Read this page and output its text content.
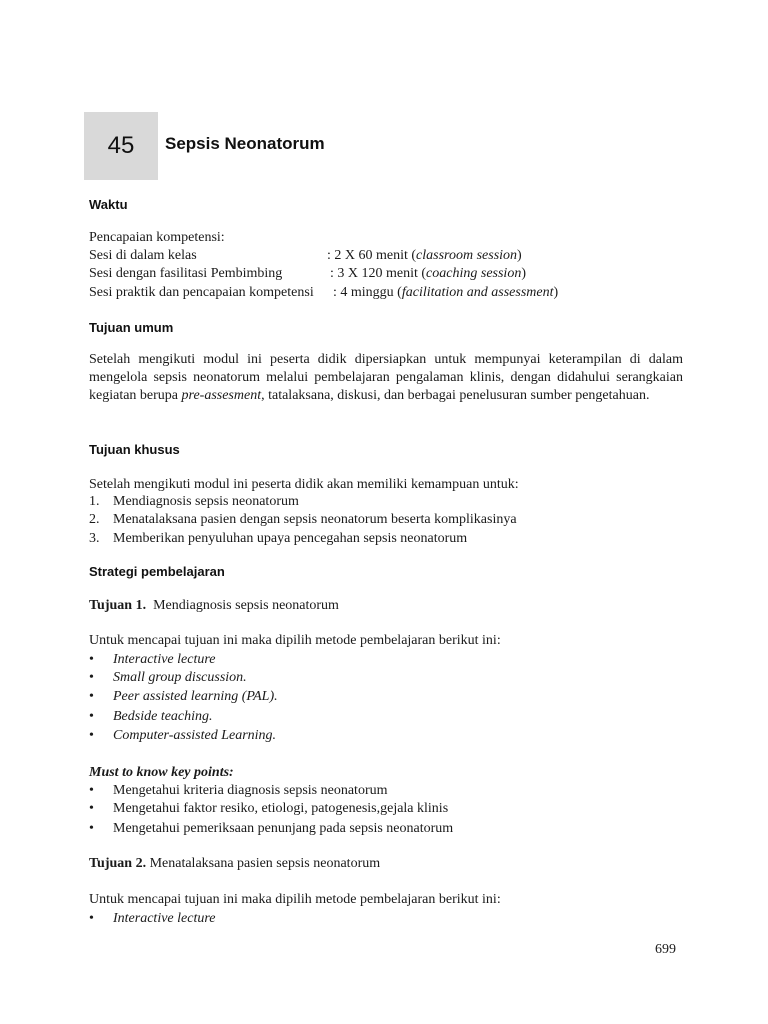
45 Sepsis Neonatorum
Waktu
Pencapaian kompetensi:
Sesi di dalam kelas	: 2 X 60 menit (classroom session)
Sesi dengan fasilitasi Pembimbing	: 3 X 120 menit (coaching session)
Sesi praktik dan pencapaian kompetensi : 4 minggu (facilitation and assessment)
Tujuan umum
Setelah mengikuti modul ini peserta didik dipersiapkan untuk mempunyai keterampilan di dalam mengelola sepsis neonatorum melalui pembelajaran pengalaman klinis, dengan didahului serangkaian kegiatan berupa pre-assesment, tatalaksana, diskusi, dan berbagai penelusuran sumber pengetahuan.
Tujuan khusus
Setelah mengikuti modul ini peserta didik akan memiliki kemampuan untuk:
1. Mendiagnosis sepsis neonatorum
2. Menatalaksana pasien dengan sepsis neonatorum beserta komplikasinya
3. Memberikan penyuluhan upaya pencegahan sepsis neonatorum
Strategi pembelajaran
Tujuan 1. Mendiagnosis sepsis neonatorum
Untuk mencapai tujuan ini maka dipilih metode pembelajaran berikut ini:
• Interactive lecture
• Small group discussion.
• Peer assisted learning (PAL).
• Bedside teaching.
• Computer-assisted Learning.
Must to know key points:
• Mengetahui kriteria diagnosis sepsis neonatorum
• Mengetahui faktor resiko, etiologi, patogenesis,gejala klinis
• Mengetahui pemeriksaan penunjang pada sepsis neonatorum
Tujuan 2. Menatalaksana pasien sepsis neonatorum
Untuk mencapai tujuan ini maka dipilih metode pembelajaran berikut ini:
• Interactive lecture
699
